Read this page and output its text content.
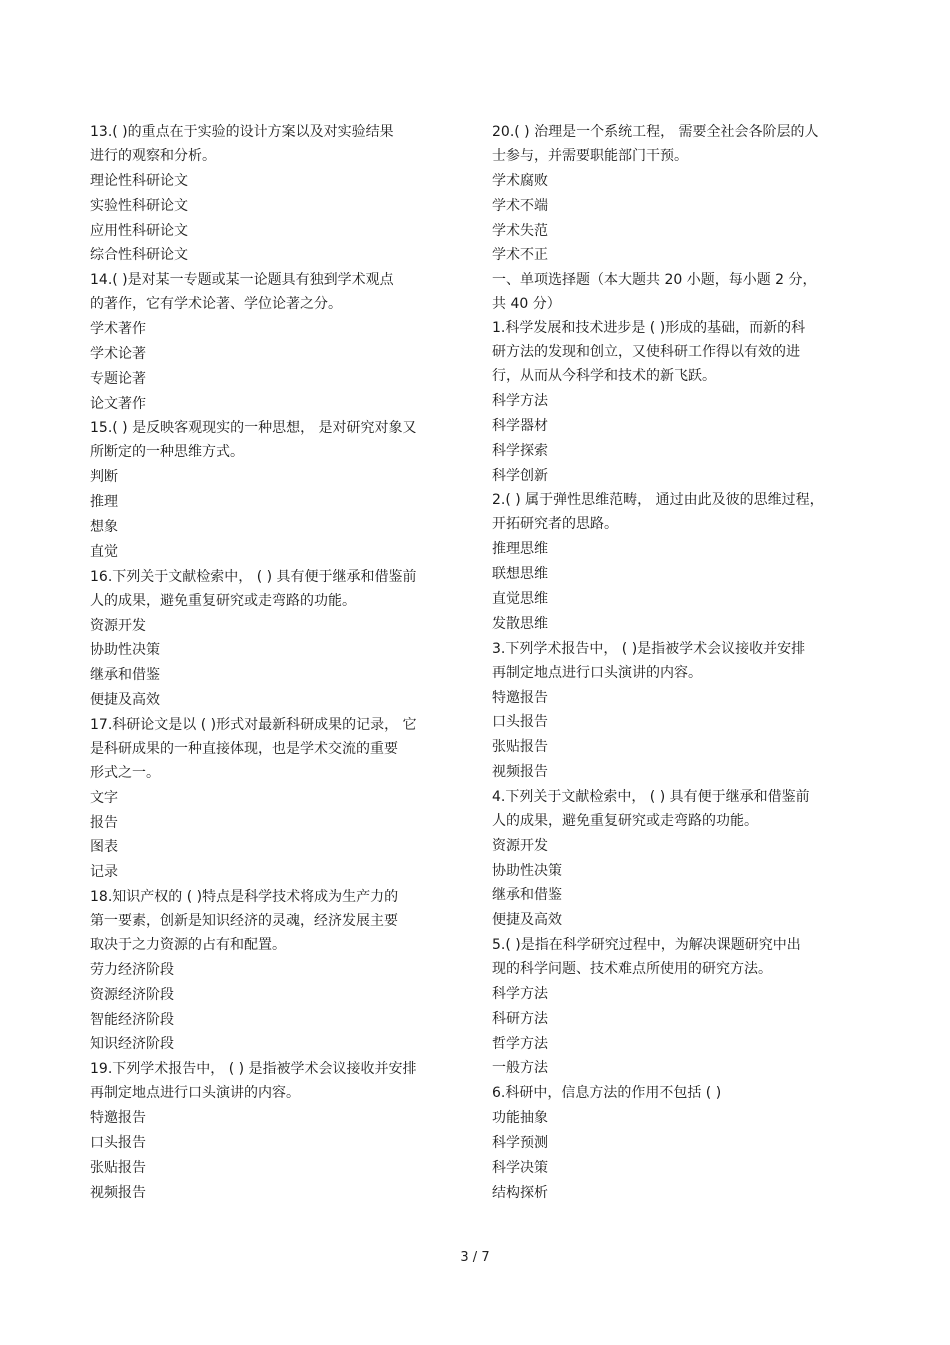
13.( )的重点在于实验的设计方案以及对实验结果
进行的观察和分析。
理论性科研论文
实验性科研论文
应用性科研论文
综合性科研论文
14.( )是对某一专题或某一论题具有独到学术观点
的著作，它有学术论著、学位论著之分。
学术著作
学术论著
专题论著
论文著作
15.( ) 是反映客观现实的一种思想， 是对研究对象又
所断定的一种思维方式。
判断
推理
想象
直觉
16.下列关于文献检索中， ( ) 具有便于继承和借鉴前
人的成果，避免重复研究或走弯路的功能。
资源开发
协助性决策
继承和借鉴
便捷及高效
17.科研论文是以 ( )形式对最新科研成果的记录， 它
是科研成果的一种直接体现，也是学术交流的重要
形式之一。
文字
报告
图表
记录
18.知识产权的 ( )特点是科学技术将成为生产力的
第一要素，创新是知识经济的灵魂，经济发展主要
取决于之力资源的占有和配置。
劳力经济阶段
资源经济阶段
智能经济阶段
知识经济阶段
19.下列学术报告中， ( ) 是指被学术会议接收并安排
再制定地点进行口头演讲的内容。
特邀报告
口头报告
张贴报告
视频报告
20.( ) 治理是一个系统工程， 需要全社会各阶层的人
士参与，并需要职能部门干预。
学术腐败
学术不端
学术失范
学术不正
一、单项选择题（本大题共 20 小题，每小题 2 分，
共 40 分）
1.科学发展和技术进步是 ( )形成的基础，而新的科
研方法的发现和创立，又使科研工作得以有效的进
行，从而从今科学和技术的新飞跃。
科学方法
科学器材
科学探索
科学创新
2.( ) 属于弹性思维范畴， 通过由此及彼的思维过程，
开拓研究者的思路。
推理思维
联想思维
直觉思维
发散思维
3.下列学术报告中， ( )是指被学术会议接收并安排
再制定地点进行口头演讲的内容。
特邀报告
口头报告
张贴报告
视频报告
4.下列关于文献检索中， ( ) 具有便于继承和借鉴前
人的成果，避免重复研究或走弯路的功能。
资源开发
协助性决策
继承和借鉴
便捷及高效
5.( )是指在科学研究过程中，为解决课题研究中出
现的科学问题、技术难点所使用的研究方法。
科学方法
科研方法
哲学方法
一般方法
6.科研中，信息方法的作用不包括 ( )
功能抽象
科学预测
科学决策
结构探析
3 / 7
